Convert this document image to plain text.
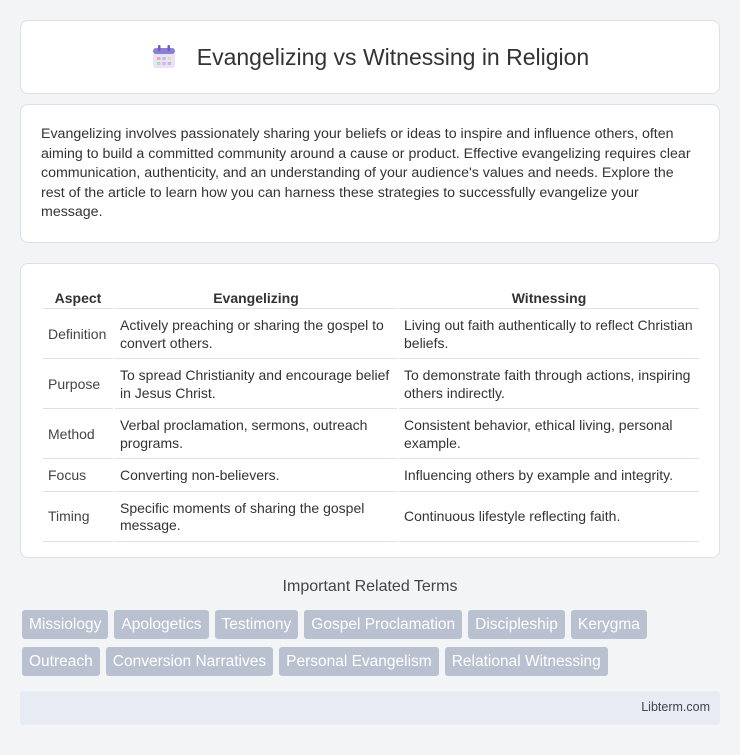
Evangelizing vs Witnessing in Religion

Evangelizing involves passionately sharing your beliefs or ideas to inspire and influence others, often aiming to build a committed community around a cause or product. Effective evangelizing requires clear communication, authenticity, and an understanding of your audience's values and needs. Explore the rest of the article to learn how you can harness these strategies to successfully evangelize your message.

Aspect	Evangelizing	Witnessing
Definition	Actively preaching or sharing the gospel to convert others.	Living out faith authentically to reflect Christian beliefs.
Purpose	To spread Christianity and encourage belief in Jesus Christ.	To demonstrate faith through actions, inspiring others indirectly.
Method	Verbal proclamation, sermons, outreach programs.	Consistent behavior, ethical living, personal example.
Focus	Converting non-believers.	Influencing others by example and integrity.
Timing	Specific moments of sharing the gospel message.	Continuous lifestyle reflecting faith.
Important Related Terms
Missiology	Apologetics	Testimony	Gospel Proclamation	Discipleship	Kerygma
Outreach	Conversion Narratives	Personal Evangelism	Relational Witnessing
Libterm.com
